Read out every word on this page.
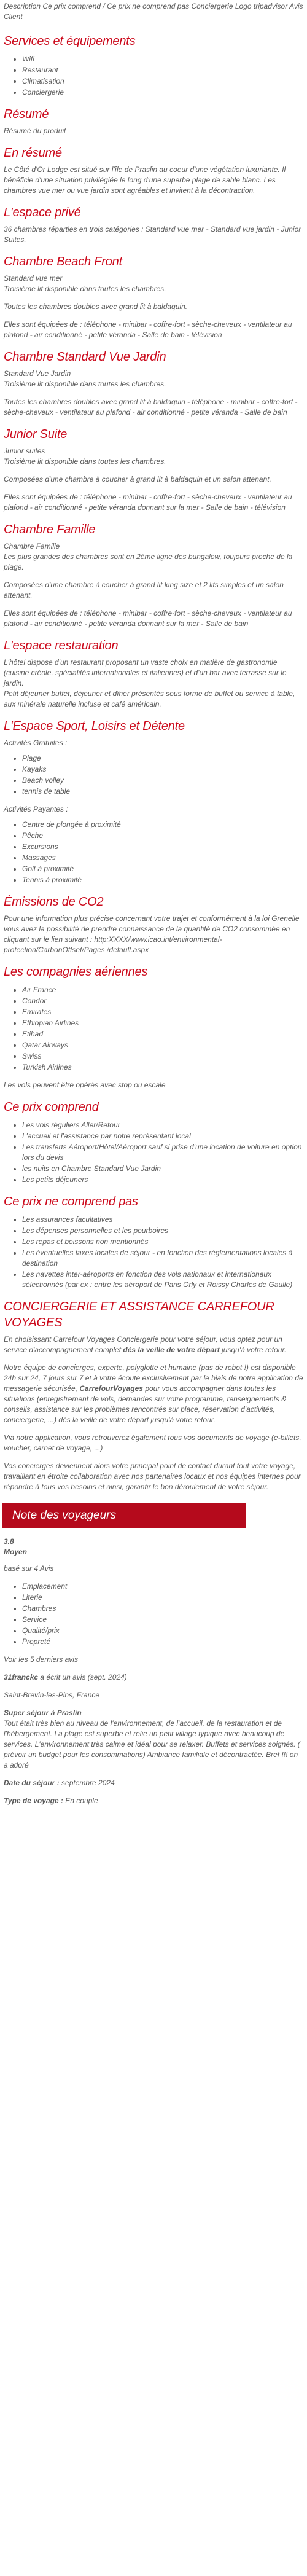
Description Ce prix comprend / Ce prix ne comprend pas Conciergerie Logo tripadvisor Avis Client
Services et équipements
• Wifi
• Restaurant
• Climatisation
• Conciergerie
Résumé

Résumé du produit

En résumé

Le Côté d'Or Lodge est situé sur l'île de Praslin au coeur d'une végétation luxuriante. Il bénéficie d'une situation privilégiée le long d'une superbe plage de sable blanc. Les chambres vue mer ou vue jardin sont agréables et invitent à la décontraction.

L'espace privé

36 chambres réparties en trois catégories : Standard vue mer - Standard vue jardin - Junior Suites.

Chambre Beach Front

Standard vue mer

Troisième lit disponible dans toutes les chambres.

Toutes les chambres doubles avec grand lit à baldaquin.

Elles sont équipées de : téléphone - minibar - coffre-fort - sèche-cheveux - ventilateur au plafond - air conditionné - petite véranda - Salle de bain - télévision

Chambre Standard Vue Jardin

Standard Vue Jardin

Troisième lit disponible dans toutes les chambres.

Toutes les chambres doubles avec grand lit à baldaquin - téléphone - minibar - coffre-fort - sèche-cheveux - ventilateur au plafond - air conditionné - petite véranda - Salle de bain

Junior Suite

Junior suites

Troisième lit disponible dans toutes les chambres.

Composées d'une chambre à coucher à grand lit à baldaquin et un salon attenant.

Elles sont équipées de : téléphone - minibar - coffre-fort - sèche-cheveux - ventilateur au plafond - air conditionné - petite véranda donnant sur la mer - Salle de bain - télévision

Chambre Famille

Chambre Famille

Les plus grandes des chambres sont en 2ème ligne des bungalow, toujours proche de la plage.

Composées d'une chambre à coucher à grand lit king size et 2 lits simples et un salon attenant.

Elles sont équipées de : téléphone - minibar - coffre-fort - sèche-cheveux - ventilateur au plafond - air conditionné - petite véranda donnant sur la mer - Salle de bain

L'espace restauration

L'hôtel dispose d'un restaurant proposant un vaste choix en matière de gastronomie (cuisine créole, spécialités internationales et italiennes) et d'un bar avec terrasse sur le jardin.

Petit déjeuner buffet, déjeuner et dîner présentés sous forme de buffet ou service à table, aux minérale naturelle incluse et café américain.

L'Espace Sport, Loisirs et Détente

Activités Gratuites :

• Plage
• Kayaks
• Beach volley
• tennis de table

Activités Payantes :

• Centre de plongée à proximité
• Pêche
• Excursions
• Massages
• Golf à proximité
• Tennis à proximité
Émissions de CO2

Pour une information plus précise concernant votre trajet et conformément à la loi Grenelle vous avez la possibilité de prendre connaissance de la quantité de CO2 consommée en cliquant sur le lien suivant : http:XXXX/www.icao.int/environmental-protection/CarbonOffset/Pages /default.aspx

Les compagnies aériennes
• Air France
• Condor
• Emirates
• Ethiopian Airlines
• Etihad
• Qatar Airways
• Swiss
• Turkish Airlines

Les vols peuvent être opérés avec stop ou escale

Ce prix comprend
• Les vols réguliers Aller/Retour
• L'accueil et l'assistance par notre représentant local
• Les transferts Aéroport/Hôtel/Aéroport sauf si prise d'une location de voiture en option lors du devis
• les nuits en Chambre Standard Vue Jardin
• Les petits déjeuners
Ce prix ne comprend pas
• Les assurances facultatives
• Les dépenses personnelles et les pourboires
• Les repas et boissons non mentionnés
• Les éventuelles taxes locales de séjour - en fonction des réglementations locales à destination
• Les navettes inter-aéroports en fonction des vols nationaux et internationaux sélectionnés (par ex : entre les aéroport de Paris Orly et Roissy Charles de Gaulle)
CONCIERGERIE ET ASSISTANCE CARREFOUR VOYAGES

En choisissant Carrefour Voyages Conciergerie pour votre séjour, vous optez pour un service d'accompagnement complet dès la veille de votre départ jusqu'à votre retour.

Notre équipe de concierges, experte, polyglotte et humaine (pas de robot !) est disponible 24h sur 24, 7 jours sur 7 et à votre écoute exclusivement par le biais de notre application de messagerie sécurisée, CarrefourVoyages pour vous accompagner dans toutes les situations (enregistrement de vols, demandes sur votre programme, renseignements & conseils, assistance sur les problèmes rencontrés sur place, réservation d'activités, conciergerie, ...) dès la veille de votre départ jusqu'à votre retour.

Via notre application, vous retrouverez également tous vos documents de voyage (e-billets, voucher, carnet de voyage, ...)

Vos concierges deviennent alors votre principal point de contact durant tout votre voyage, travaillant en étroite collaboration avec nos partenaires locaux et nos équipes internes pour répondre à tous vos besoins et ainsi, garantir le bon déroulement de votre séjour.

Note des voyageurs

3.8

Moyen

basé sur 4 Avis

• Emplacement
• Literie
• Chambres
• Service
• Qualité/prix
• Propreté

Voir les 5 derniers avis

31franckc a écrit un avis (sept. 2024)

Saint-Brevin-les-Pins, France

Super séjour à Praslin

Tout était très bien au niveau de l'environnement, de l'accueil, de la restauration et de l'hébergement. La plage est superbe et relie un petit village typique avec beaucoup de services. L'environnement très calme et idéal pour se relaxer. Buffets et services soignés. ( prévoir un budget pour les consommations) Ambiance familiale et décontractée. Bref !!! on a adoré

Date du séjour : septembre 2024

Type de voyage : En couple
